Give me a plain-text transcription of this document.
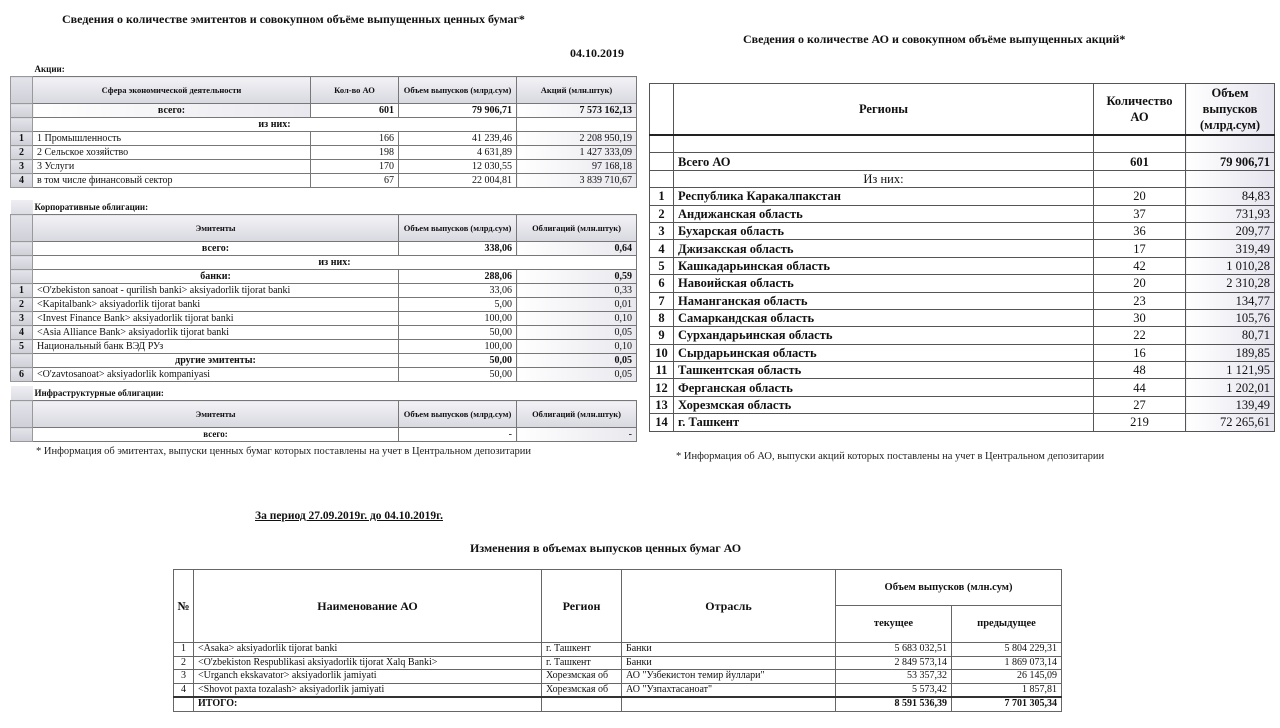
Сведения о количестве эмитентов и совокупном объёме выпущенных ценных бумаг*
04.10.2019
	Акции:			
	Сфера экономической деятельности	Кол-во АО	Объем выпусков (млрд.сум)	Акций (млн.штук)
	всего:	601	79 906,71	7 573 162,13
	из них:			
1	1 Промышленность	166	41 239,46	2 208 950,19
2	2 Сельское хозяйство	198	4 631,89	1 427 333,09
3	3 Услуги	170	12 030,55	97 168,18
4	в том числе финансовый сектор	67	22 004,81	3 839 710,67
	Корпоративные облигации:		
	Эмитенты	Объем выпусков (млрд.сум)	Облигаций (млн.штук)
	всего:	338,06	0,64
	из них:		
	банки:	288,06	0,59
1	<O'zbekiston sanoat - qurilish banki> aksiyadorlik tijorat banki	33,06	0,33
2	<Kapitalbank> aksiyadorlik tijorat banki	5,00	0,01
3	<Invest Finance Bank> aksiyadorlik tijorat banki	100,00	0,10
4	<Asia Alliance Bank> aksiyadorlik tijorat banki	50,00	0,05
5	Национальный банк ВЭД РУз	100,00	0,10
	другие эмитенты:	50,00	0,05
6	<O'zavtosanoat> aksiyadorlik kompaniyasi	50,00	0,05
	Инфраструктурные облигации:		
	Эмитенты	Объем выпусков (млрд.сум)	Облигаций (млн.штук)
	всего:	-	-
* Информация об эмитентах, выпуски ценных бумаг которых поставлены на учет в Центральном депозитарии
Сведения о количестве АО и совокупном объёме выпущенных акций*
	Регионы	Количество АО	Объем выпусков (млрд.сум)

	Всего АО	601	79 906,71
	Из них:		
1	Республика Каракалпакстан	20	84,83
2	Андижанская область	37	731,93
3	Бухарская область	36	209,77
4	Джизакская область	17	319,49
5	Кашкадарьинская область	42	1 010,28
6	Навоийская область	20	2 310,28
7	Наманганская область	23	134,77
8	Самаркандская область	30	105,76
9	Сурхандарьинская область	22	80,71
10	Сырдарьинская область	16	189,85
11	Ташкентская область	48	1 121,95
12	Ферганская область	44	1 202,01
13	Хорезмская область	27	139,49
14	г. Ташкент	219	72 265,61
* Информация об АО, выпуски акций которых поставлены на учет в Центральном депозитарии
За период 27.09.2019г. до 04.10.2019г.
Изменения в объемах выпусков ценных бумаг АО
№	Наименование АО	Регион	Отрасль	Объем выпусков (млн.сум)	
				текущее	предыдущее
1	<Asaka> aksiyadorlik tijorat banki	г. Ташкент	Банки	5 683 032,51	5 804 229,31
2	<O'zbekiston Respublikasi aksiyadorlik tijorat Xalq Banki>	г. Ташкент	Банки	2 849 573,14	1 869 073,14
3	<Urganch ekskavator> aksiyadorlik jamiyati	Хорезмская об	АО "Узбекистон темир йуллари"	53 357,32	26 145,09
4	<Shovot paxta tozalash> aksiyadorlik jamiyati	Хорезмская об	АО "Узпахтасаноат"	5 573,42	1 857,81
	ИТОГО:			8 591 536,39	7 701 305,34
